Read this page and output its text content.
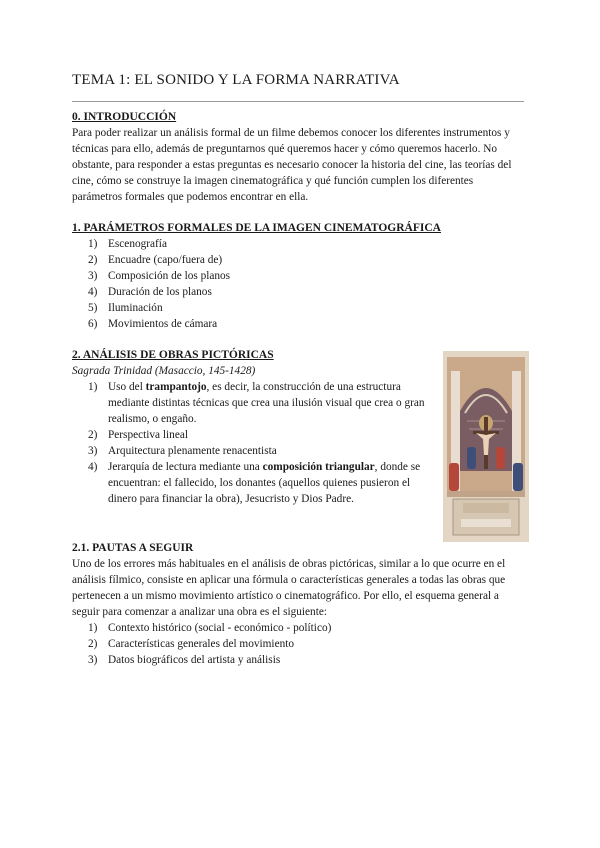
TEMA 1: EL SONIDO Y LA FORMA NARRATIVA
0. INTRODUCCIÓN

Para poder realizar un análisis formal de un filme debemos conocer los diferentes instrumentos y técnicas para ello, además de preguntarnos qué queremos hacer y cómo queremos hacerlo. No obstante, para responder a estas preguntas es necesario conocer la historia del cine, las teorías del cine, cómo se construye la imagen cinematográfica y qué función cumplen los diferentes parámetros formales que podemos encontrar en ella.

1. PARÁMETROS FORMALES DE LA IMAGEN CINEMATOGRÁFICA
1) Escenografía
2) Encuadre (capo/fuera de)
3) Composición de los planos
4) Duración de los planos
5) Iluminación
6) Movimientos de cámara
2. ANÁLISIS DE OBRAS PICTÓRICAS
Sagrada Trinidad (Masaccio, 145-1428)
1) Uso del trampantojo, es decir, la construcción de una estructura mediante distintas técnicas que crea una ilusión visual que crea o gran realismo, o engaño.
2) Perspectiva lineal
3) Arquitectura plenamente renacentista
4) Jerarquía de lectura mediante una composición triangular, donde se encuentran: el fallecido, los donantes (aquellos quienes pusieron el dinero para financiar la obra), Jesucristo y Dios Padre.
2.1. PAUTAS A SEGUIR

Uno de los errores más habituales en el análisis de obras pictóricas, similar a lo que ocurre en el análisis fílmico, consiste en aplicar una fórmula o características generales a todas las obras que pertenecen a un mismo movimiento artístico o cinematográfico. Por ello, el esquema general a seguir para comenzar a analizar una obra es el siguiente:

1) Contexto histórico (social - económico - político)
2) Características generales del movimiento
3) Datos biográficos del artista y análisis
